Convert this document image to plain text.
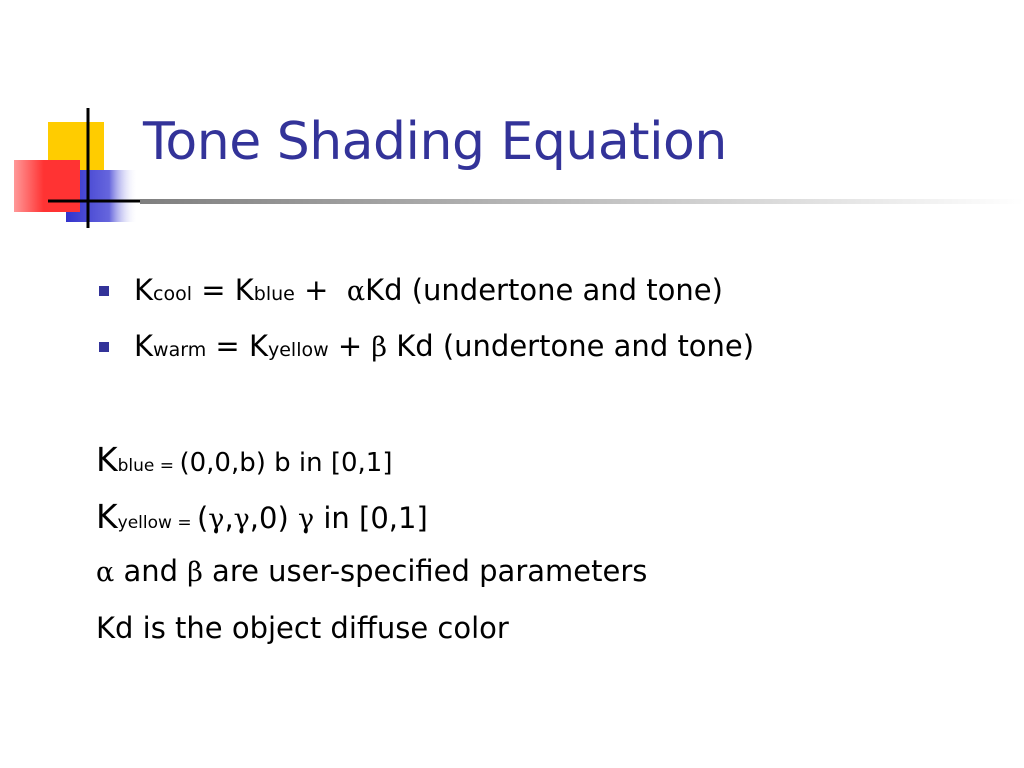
Tone Shading Equation
Kcool = Kblue +  αKd (undertone and tone)
Kwarm = Kyellow + β Kd (undertone and tone)
Kblue = (0,0,b) b in [0,1]
Kyellow = (γ,γ,0) γ in [0,1]
α and β are user-specified parameters
Kd is the object diffuse color
